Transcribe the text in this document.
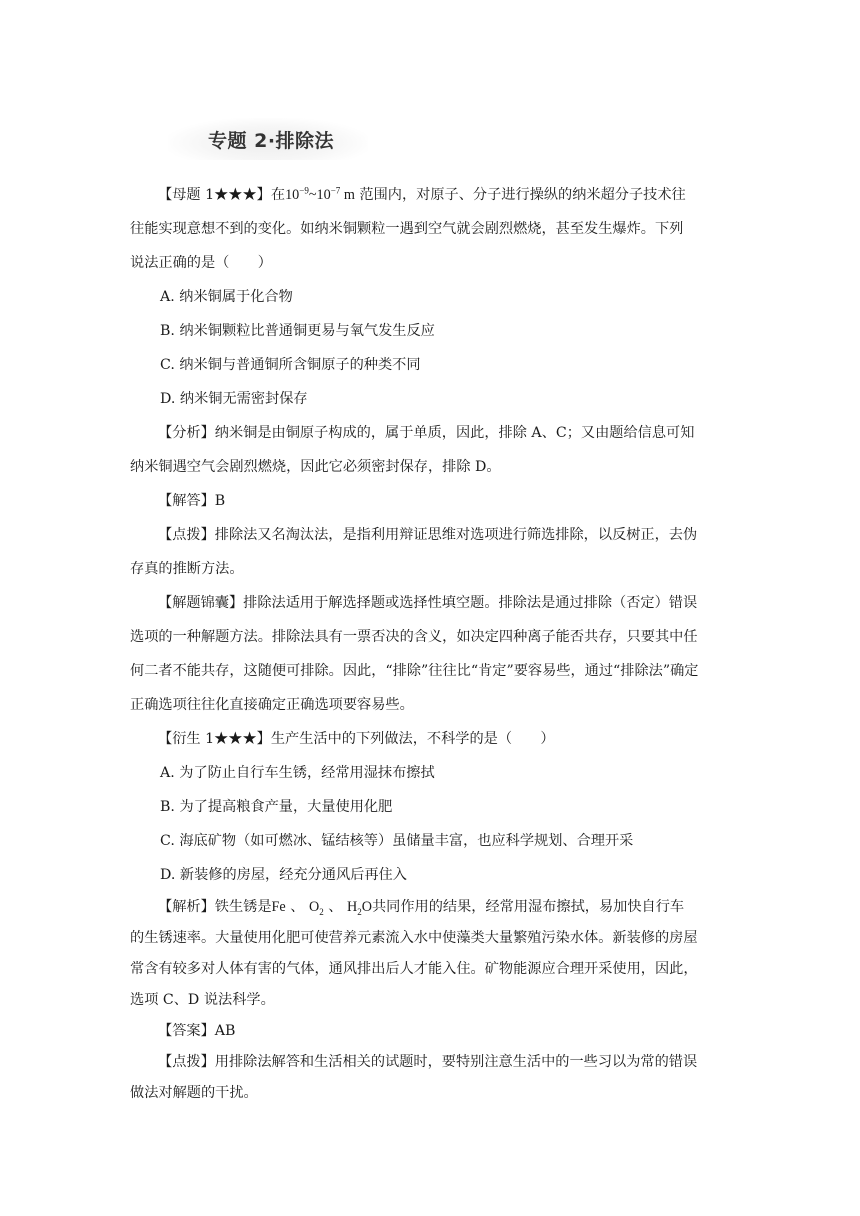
专题 2·排除法

【母题 1★★★】在$10^{-9}\sim 10^{-7}$ m 范围内，对原子、分子进行操纵的纳米超分子技术往

往能实现意想不到的变化。如纳米铜颗粒一遇到空气就会剧烈燃烧，甚至发生爆炸。下列

说法正确的是（　　）

A. 纳米铜属于化合物

B. 纳米铜颗粒比普通铜更易与氧气发生反应

C. 纳米铜与普通铜所含铜原子的种类不同

D. 纳米铜无需密封保存

【分析】纳米铜是由铜原子构成的，属于单质，因此，排除 A、C；又由题给信息可知

纳米铜遇空气会剧烈燃烧，因此它必须密封保存，排除 D。

【解答】B

【点拨】排除法又名淘汰法，是指利用辩证思维对选项进行筛选排除，以反树正，去伪

存真的推断方法。

【解题锦囊】排除法适用于解选择题或选择性填空题。排除法是通过排除（否定）错误

选项的一种解题方法。排除法具有一票否决的含义，如决定四种离子能否共存，只要其中任

何二者不能共存，这随便可排除。因此，“排除”往往比“肯定”要容易些，通过“排除法”确定

正确选项往往化直接确定正确选项要容易些。

【衍生 1★★★】生产生活中的下列做法，不科学的是（　　）

A. 为了防止自行车生锈，经常用湿抹布擦拭

B. 为了提高粮食产量，大量使用化肥

C. 海底矿物（如可燃冰、锰结核等）虽储量丰富，也应科学规划、合理开采

D. 新装修的房屋，经充分通风后再住入

【解析】铁生锈是Fe 、 $O_2$ 、 $H_2O$共同作用的结果，经常用湿布擦拭，易加快自行车

的生锈速率。大量使用化肥可使营养元素流入水中使藻类大量繁殖污染水体。新装修的房屋

常含有较多对人体有害的气体，通风排出后人才能入住。矿物能源应合理开采使用，因此，

选项 C、D 说法科学。

【答案】AB

【点拨】用排除法解答和生活相关的试题时，要特别注意生活中的一些习以为常的错误

做法对解题的干扰。
